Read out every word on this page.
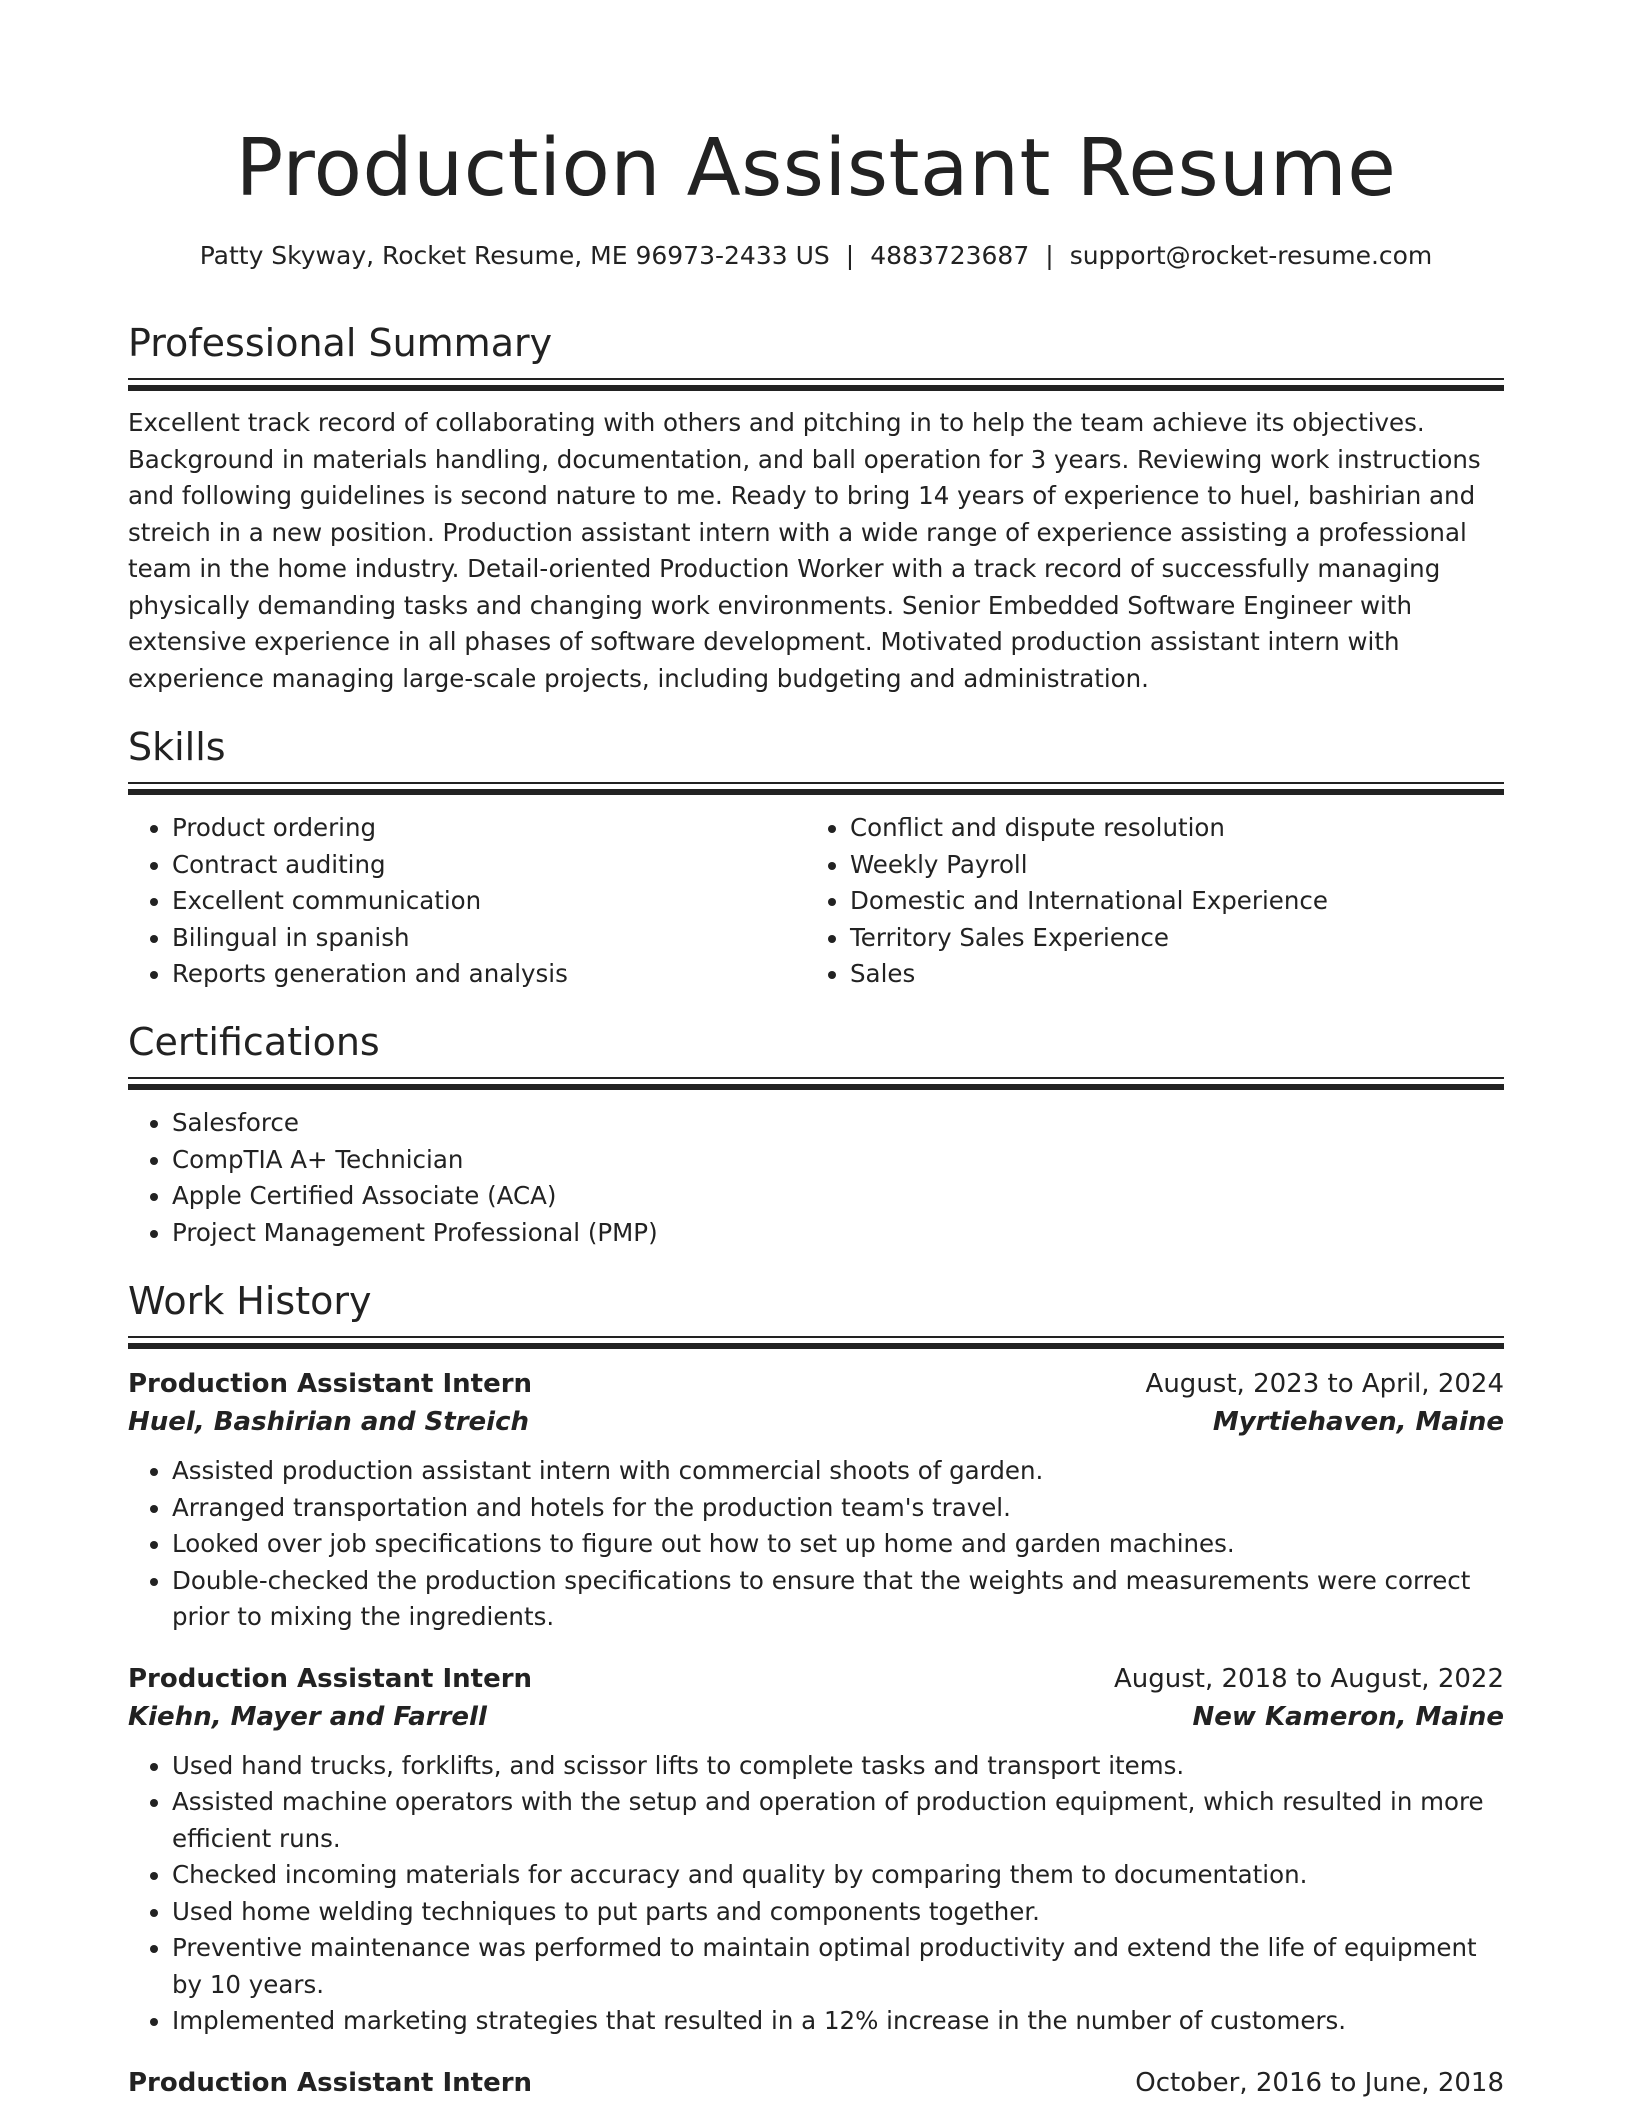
Production Assistant Resume
Patty Skyway, Rocket Resume, ME 96973-2433 US | 4883723687 | support@rocket-resume.com
Professional Summary

Excellent track record of collaborating with others and pitching in to help the team achieve its objectives. Background in materials handling, documentation, and ball operation for 3 years. Reviewing work instructions and following guidelines is second nature to me. Ready to bring 14 years of experience to huel, bashirian and streich in a new position. Production assistant intern with a wide range of experience assisting a professional team in the home industry. Detail-oriented Production Worker with a track record of successfully managing physically demanding tasks and changing work environments. Senior Embedded Software Engineer with extensive experience in all phases of software development. Motivated production assistant intern with experience managing large-scale projects, including budgeting and administration.

Skills
• Product ordering
• Contract auditing
• Excellent communication
• Bilingual in spanish
• Reports generation and analysis
• Conflict and dispute resolution
• Weekly Payroll
• Domestic and International Experience
• Territory Sales Experience
• Sales
Certifications
• Salesforce
• CompTIA A+ Technician
• Apple Certified Associate (ACA)
• Project Management Professional (PMP)
Work History
Production Assistant Intern	August, 2023 to April, 2024
Huel, Bashirian and Streich	Myrtiehaven, Maine
• Assisted production assistant intern with commercial shoots of garden.
• Arranged transportation and hotels for the production team's travel.
• Looked over job specifications to figure out how to set up home and garden machines.
• Double-checked the production specifications to ensure that the weights and measurements were correct prior to mixing the ingredients.
Production Assistant Intern	August, 2018 to August, 2022
Kiehn, Mayer and Farrell	New Kameron, Maine
• Used hand trucks, forklifts, and scissor lifts to complete tasks and transport items.
• Assisted machine operators with the setup and operation of production equipment, which resulted in more efficient runs.
• Checked incoming materials for accuracy and quality by comparing them to documentation.
• Used home welding techniques to put parts and components together.
• Preventive maintenance was performed to maintain optimal productivity and extend the life of equipment by 10 years.
• Implemented marketing strategies that resulted in a 12% increase in the number of customers.
Production Assistant Intern	October, 2016 to June, 2018
